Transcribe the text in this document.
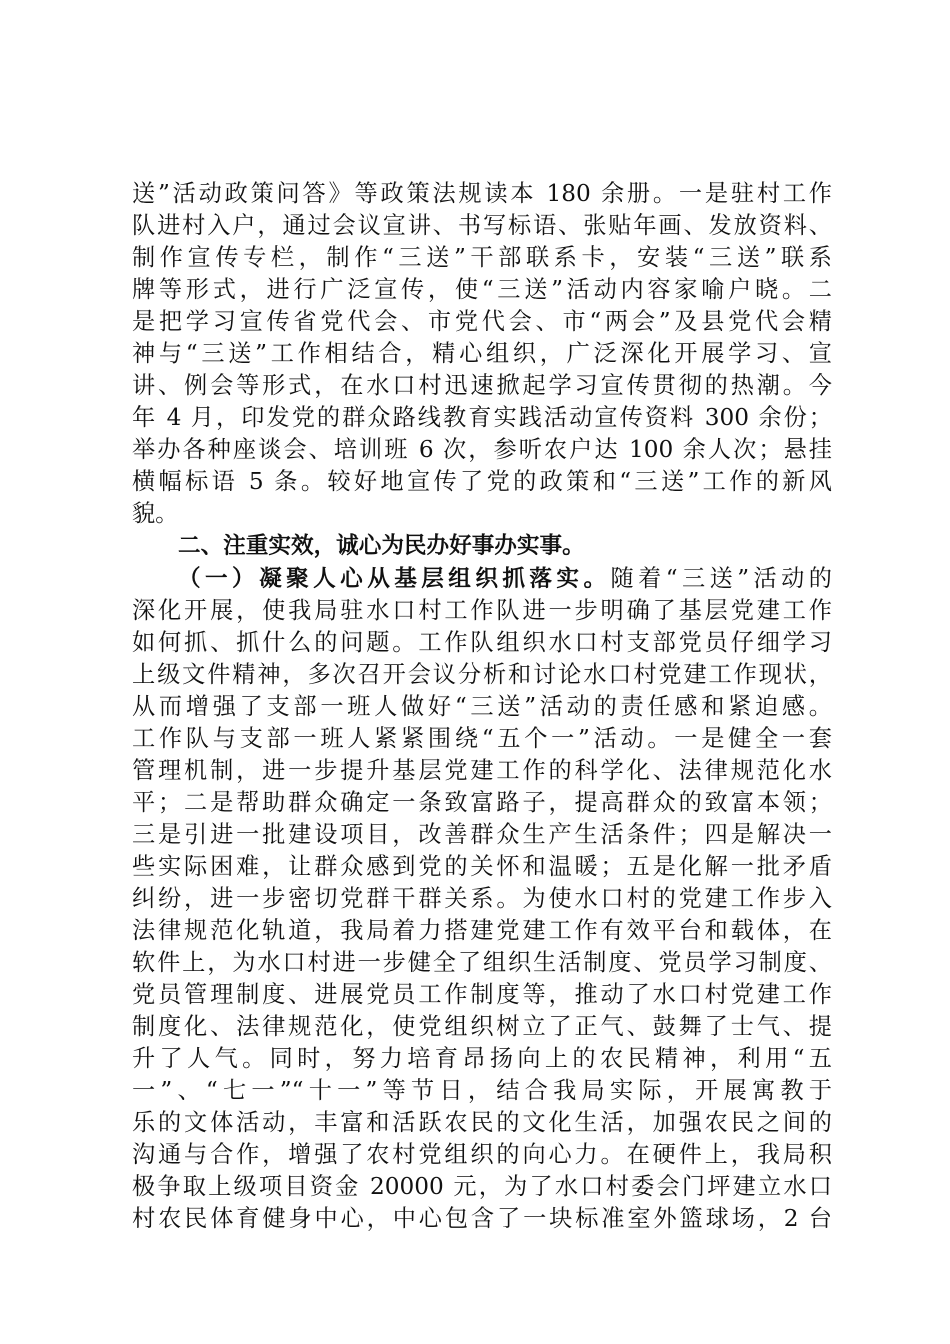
送”活动政策问答》等政策法规读本 180 余册。一是驻村工作
队进村入户，通过会议宣讲、书写标语、张贴年画、发放资料、
制作宣传专栏，制作“三送”干部联系卡，安装“三送”联系
牌等形式，进行广泛宣传，使“三送”活动内容家喻户晓。二
是把学习宣传省党代会、市党代会、市“两会”及县党代会精
神与“三送”工作相结合，精心组织，广泛深化开展学习、宣
讲、例会等形式，在水口村迅速掀起学习宣传贯彻的热潮。今
年 4 月，印发党的群众路线教育实践活动宣传资料 300 余份；
举办各种座谈会、培训班 6 次，参听农户达 100 余人次；悬挂
横幅标语 5 条。较好地宣传了党的政策和“三送”工作的新风
貌。
二、注重实效，诚心为民办好事办实事。
（一）凝聚人心从基层组织抓落实。随着“三送”活动的
深化开展，使我局驻水口村工作队进一步明确了基层党建工作
如何抓、抓什么的问题。工作队组织水口村支部党员仔细学习
上级文件精神，多次召开会议分析和讨论水口村党建工作现状，
从而增强了支部一班人做好“三送”活动的责任感和紧迫感。
工作队与支部一班人紧紧围绕“五个一”活动。一是健全一套
管理机制，进一步提升基层党建工作的科学化、法律规范化水
平；二是帮助群众确定一条致富路子，提高群众的致富本领；
三是引进一批建设项目，改善群众生产生活条件；四是解决一
些实际困难，让群众感到党的关怀和温暖；五是化解一批矛盾
纠纷，进一步密切党群干群关系。为使水口村的党建工作步入
法律规范化轨道，我局着力搭建党建工作有效平台和载体，在
软件上，为水口村进一步健全了组织生活制度、党员学习制度、
党员管理制度、进展党员工作制度等，推动了水口村党建工作
制度化、法律规范化，使党组织树立了正气、鼓舞了士气、提
升了人气。同时，努力培育昂扬向上的农民精神，利用“五
一”、“七一”“十一”等节日，结合我局实际，开展寓教于
乐的文体活动，丰富和活跃农民的文化生活，加强农民之间的
沟通与合作，增强了农村党组织的向心力。在硬件上，我局积
极争取上级项目资金 20000 元，为了水口村委会门坪建立水口
村农民体育健身中心，中心包含了一块标准室外篮球场，2 台
